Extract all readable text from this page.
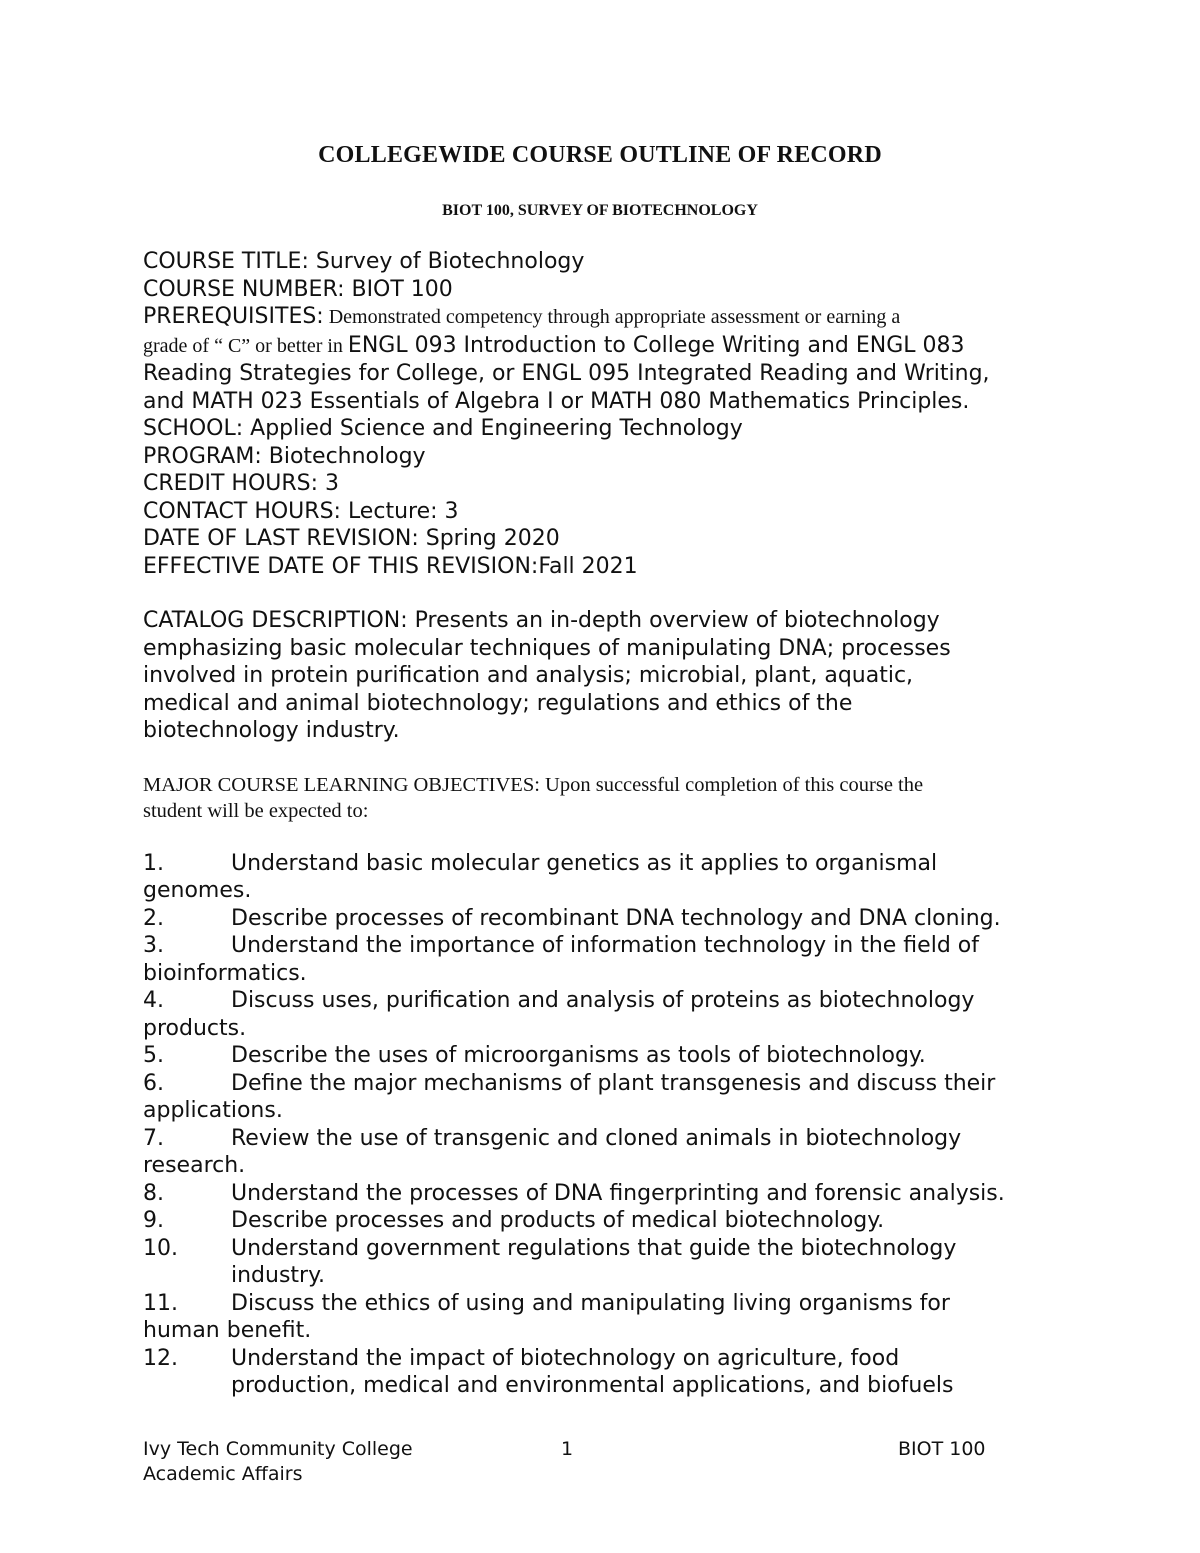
COLLEGEWIDE COURSE OUTLINE OF RECORD
BIOT 100, SURVEY OF BIOTECHNOLOGY
COURSE TITLE: Survey of Biotechnology
COURSE NUMBER: BIOT 100
PREREQUISITES: Demonstrated competency through appropriate assessment or earning a
grade of “ C” or better in ENGL 093 Introduction to College Writing and ENGL 083
Reading Strategies for College, or ENGL 095 Integrated Reading and Writing,
and MATH 023 Essentials of Algebra I or MATH 080 Mathematics Principles.
SCHOOL: Applied Science and Engineering Technology
PROGRAM: Biotechnology
CREDIT HOURS: 3
CONTACT HOURS: Lecture: 3
DATE OF LAST REVISION: Spring 2020
EFFECTIVE DATE OF THIS REVISION:Fall 2021
CATALOG DESCRIPTION: Presents an in-depth overview of biotechnology
emphasizing basic molecular techniques of manipulating DNA; processes
involved in protein purification and analysis; microbial, plant, aquatic,
medical and animal biotechnology; regulations and ethics of the
biotechnology industry.
MAJOR COURSE LEARNING OBJECTIVES: Upon successful completion of this course the
student will be expected to:
1.	Understand basic molecular genetics as it applies to organismal
genomes.
2.	Describe processes of recombinant DNA technology and DNA cloning.
3.	Understand the importance of information technology in the field of
bioinformatics.
4.	Discuss uses, purification and analysis of proteins as biotechnology
products.
5.	Describe the uses of microorganisms as tools of biotechnology.
6.	Define the major mechanisms of plant transgenesis and discuss their
applications.
7.	Review the use of transgenic and cloned animals in biotechnology
research.
8.	Understand the processes of DNA fingerprinting and forensic analysis.
9.	Describe processes and products of medical biotechnology.
10. Understand government regulations that guide the biotechnology
industry.
11. Discuss the ethics of using and manipulating living organisms for
human benefit.
12. Understand the impact of biotechnology on agriculture, food
production, medical and environmental applications, and biofuels
Ivy Tech Community College
Academic Affairs
1	BIOT 100
